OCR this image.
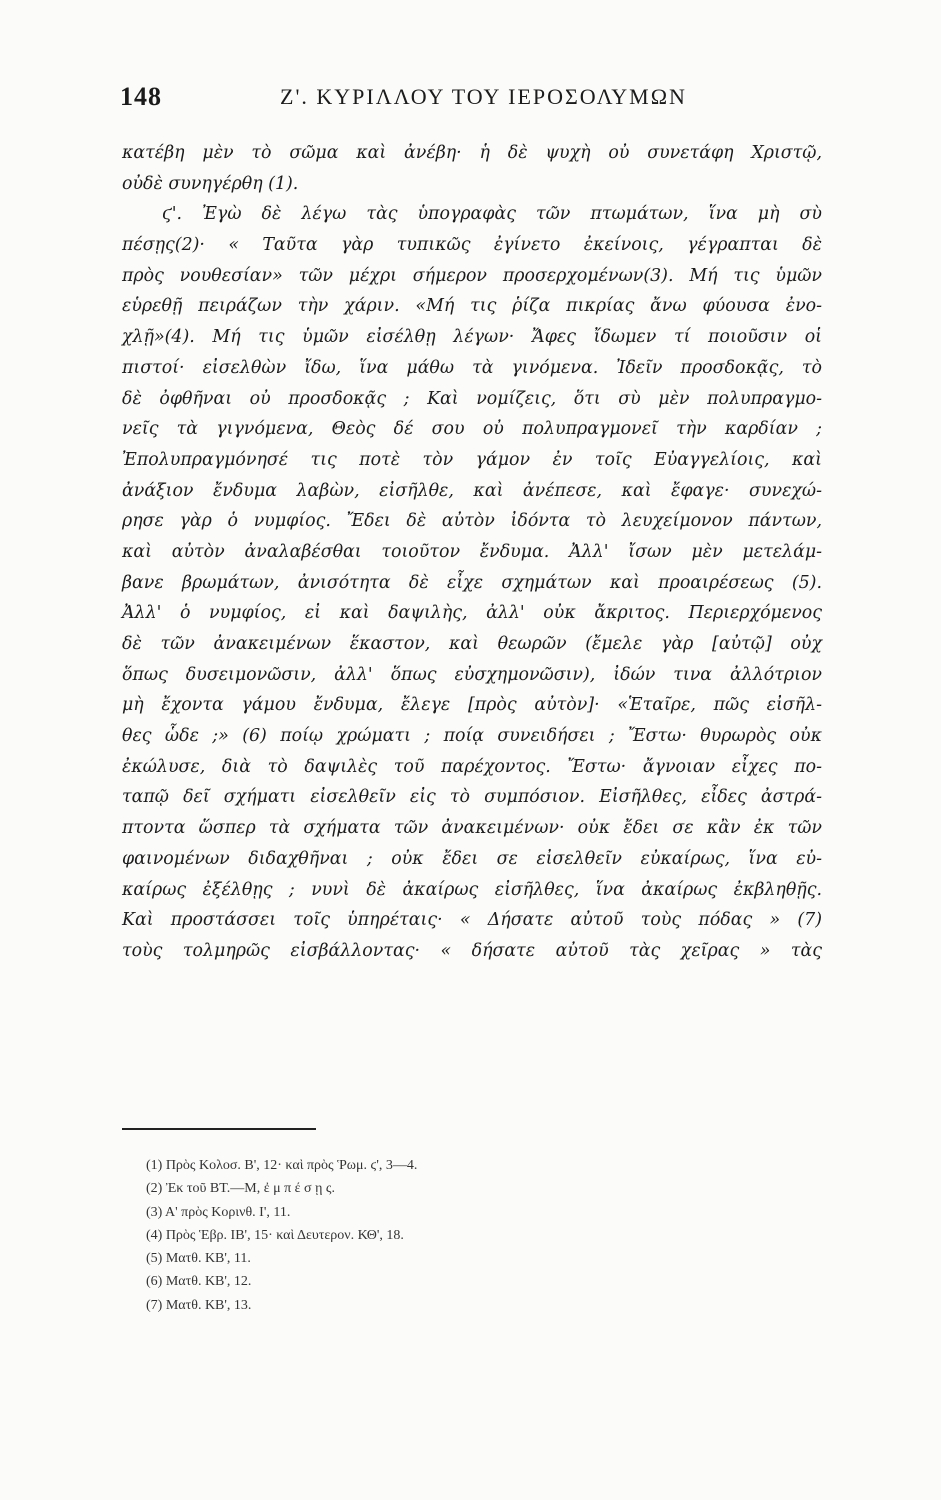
148	Ζ'. ΚΥΡΙΛΛΟΥ ΤΟΥ ΙΕΡΟΣΟΛΥΜΩΝ
κατέβη μὲν τὸ σῶμα καὶ ἀνέβη· ἡ δὲ ψυχὴ οὐ συνετάφη Χριστῷ,
οὐδὲ συνηγέρθη (1).
ϛ'. Ἐγὼ δὲ λέγω τὰς ὑπογραφὰς τῶν πτωμάτων, ἵνα μὴ σὺ
πέσῃς(2)· « Ταῦτα γὰρ τυπικῶς ἐγίνετο ἐκείνοις, γέγραπται δὲ
πρὸς νουθεσίαν» τῶν μέχρι σήμερον προσερχομένων(3). Μή τις ὑμῶν
εὑρεθῇ πειράζων τὴν χάριν. «Μή τις ῥίζα πικρίας ἄνω φύουσα ἐνο-
χλῇ»(4). Μή τις ὑμῶν εἰσέλθῃ λέγων· Ἄφες ἴδωμεν τί ποιοῦσιν οἱ
πιστοί· εἰσελθὼν ἴδω, ἵνα μάθω τὰ γινόμενα. Ἰδεῖν προσδοκᾷς, τὸ
δὲ ὀφθῆναι οὐ προσδοκᾷς ; Καὶ νομίζεις, ὅτι σὺ μὲν πολυπραγμο-
νεῖς τὰ γιγνόμενα, Θεὸς δέ σου οὐ πολυπραγμονεῖ τὴν καρδίαν ;
Ἐπολυπραγμόνησέ τις ποτὲ τὸν γάμον ἐν τοῖς Εὐαγγελίοις, καὶ
ἀνάξιον ἔνδυμα λαβὼν, εἰσῆλθε, καὶ ἀνέπεσε, καὶ ἔφαγε· συνεχώ-
ρησε γὰρ ὁ νυμφίος. Ἔδει δὲ αὐτὸν ἰδόντα τὸ λευχείμονον πάντων,
καὶ αὐτὸν ἀναλαβέσθαι τοιοῦτον ἔνδυμα. Ἀλλ' ἴσων μὲν μετελάμ-
βανε βρωμάτων, ἀνισότητα δὲ εἶχε σχημάτων καὶ προαιρέσεως (5).
Ἀλλ' ὁ νυμφίος, εἰ καὶ δαψιλὴς, ἀλλ' οὐκ ἄκριτος. Περιερχόμενος
δὲ τῶν ἀνακειμένων ἕκαστον, καὶ θεωρῶν (ἔμελε γὰρ [αὐτῷ] οὐχ
ὅπως δυσειμονῶσιν, ἀλλ' ὅπως εὐσχημονῶσιν), ἰδών τινα ἀλλότριον
μὴ ἔχοντα γάμου ἔνδυμα, ἔλεγε [πρὸς αὐτὸν]· «Ἑταῖρε, πῶς εἰσῆλ-
θες ὧδε ;» (6) ποίῳ χρώματι ; ποίᾳ συνειδήσει ; Ἔστω· θυρωρὸς οὐκ
ἐκώλυσε, διὰ τὸ δαψιλὲς τοῦ παρέχοντος. Ἔστω· ἄγνοιαν εἶχες πο-
ταπῷ δεῖ σχήματι εἰσελθεῖν εἰς τὸ συμπόσιον. Εἰσῆλθες, εἶδες ἀστρά-
πτοντα ὥσπερ τὰ σχήματα τῶν ἀνακειμένων· οὐκ ἔδει σε κἂν ἐκ τῶν
φαινομένων διδαχθῆναι ; οὐκ ἔδει σε εἰσελθεῖν εὐκαίρως, ἵνα εὐ-
καίρως ἐξέλθῃς ; νυνὶ δὲ ἀκαίρως εἰσῆλθες, ἵνα ἀκαίρως ἐκβληθῇς.
Καὶ προστάσσει τοῖς ὑπηρέταις· « Δήσατε αὐτοῦ τοὺς πόδας » (7)
τοὺς τολμηρῶς εἰσβάλλοντας· « δήσατε αὐτοῦ τὰς χεῖρας » τὰς
(1) Πρὸς Κολοσ. Β', 12· καὶ πρὸς Ῥωμ. ϛ', 3—4.
(2) Ἐκ τοῦ ΒΤ.—Μ, ἐ μ π έ σ ῃ ς.
(3) Α' πρὸς Κορινθ. Ι', 11.
(4) Πρὸς Ἑβρ. ΙΒ', 15· καὶ Δευτερον. ΚΘ', 18.
(5) Ματθ. ΚΒ', 11.
(6) Ματθ. ΚΒ', 12.
(7) Ματθ. ΚΒ', 13.
